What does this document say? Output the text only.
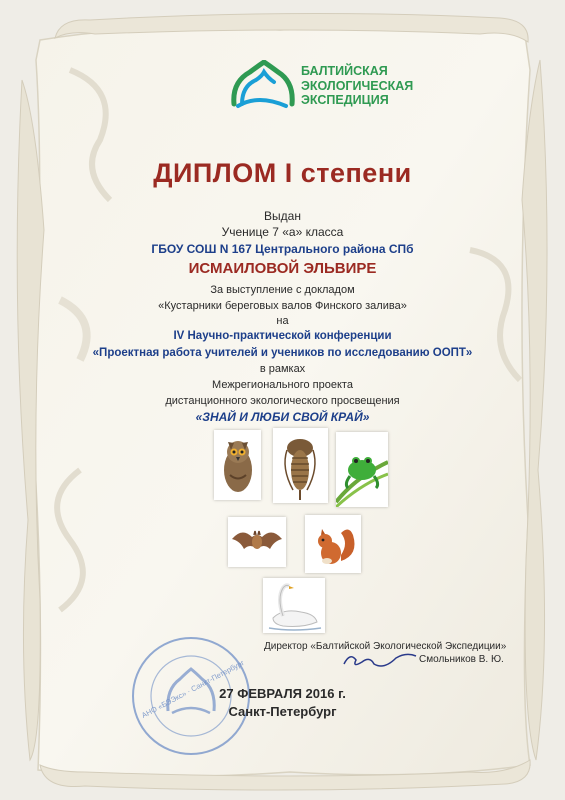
БАЛТИЙСКАЯ
ЭКОЛОГИЧЕСКАЯ
ЭКСПЕДИЦИЯ
ДИПЛОМ I степени
Выдан
Ученице 7 «а» класса
ГБОУ СОШ N 167 Центрального района СПб
ИСМАИЛОВОЙ ЭЛЬВИРЕ
За выступление с докладом
«Кустарники береговых валов Финского залива»
на
IV Научно-практической конференции
«Проектная работа учителей и учеников по исследованию ООПТ»
в рамках
Межрегионального проекта
дистанционного экологического просвещения
«ЗНАЙ И ЛЮБИ СВОЙ КРАЙ»
Директор «Балтийской Экологической Экспедиции»
Смольников В. Ю.
АНО «БЭЭкс» · Санкт-Петербург
27 ФЕВРАЛЯ 2016 г.
Санкт-Петербург
